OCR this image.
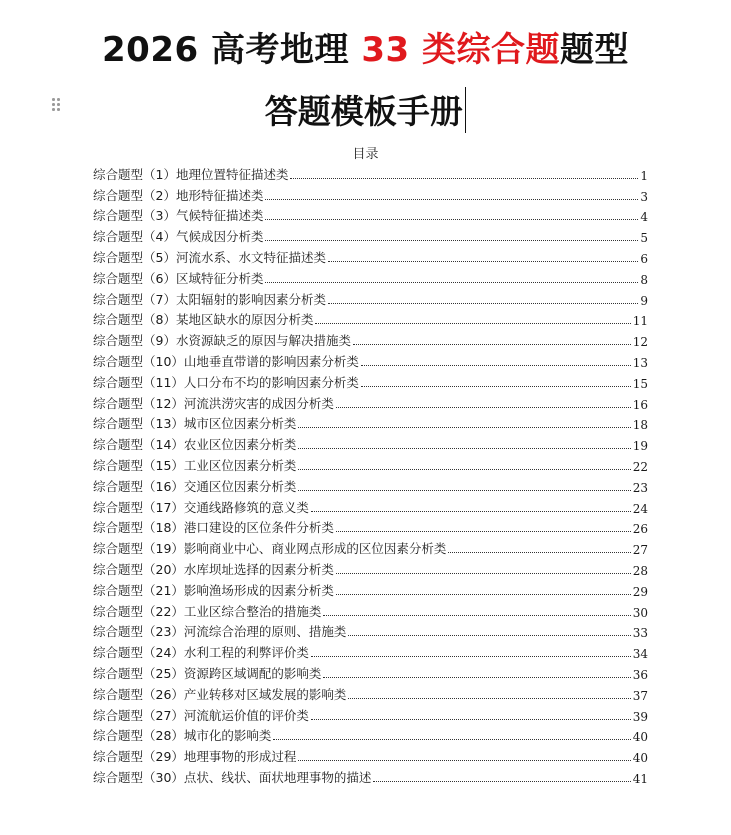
2026 高考地理 33 类综合题题型
答题模板手册
目录
综合题型 （1） 地理位置特征描述类	1
综合题型 （2） 地形特征描述类	3
综合题型 （3） 气候特征描述类	4
综合题型 （4） 气候成因分析类	5
综合题型 （5） 河流水系、水文特征描述类	6
综合题型 （6） 区域特征分析类	8
综合题型 （7） 太阳辐射的影响因素分析类	9
综合题型 （8） 某地区缺水的原因分析类	11
综合题型 （9） 水资源缺乏的原因与解决措施类	12
综合题型 （10） 山地垂直带谱的影响因素分析类	13
综合题型 （11） 人口分布不均的影响因素分析类	15
综合题型 （12） 河流洪涝灾害的成因分析类	16
综合题型 （13） 城市区位因素分析类	18
综合题型 （14） 农业区位因素分析类	19
综合题型 （15） 工业区位因素分析类	22
综合题型 （16） 交通区位因素分析类	23
综合题型 （17） 交通线路修筑的意义类	24
综合题型 （18） 港口建设的区位条件分析类	26
综合题型 （19） 影响商业中心、商业网点形成的区位因素分析类	27
综合题型 （20） 水库坝址选择的因素分析类	28
综合题型 （21） 影响渔场形成的因素分析类	29
综合题型 （22） 工业区综合整治的措施类	30
综合题型 （23） 河流综合治理的原则、措施类	33
综合题型 （24） 水利工程的利弊评价类	34
综合题型 （25） 资源跨区域调配的影响类	36
综合题型 （26） 产业转移对区域发展的影响类	37
综合题型 （27） 河流航运价值的评价类	39
综合题型 （28） 城市化的影响类	40
综合题型 （29） 地理事物的形成过程	40
综合题型 （30） 点状、线状、面状地理事物的描述	41
